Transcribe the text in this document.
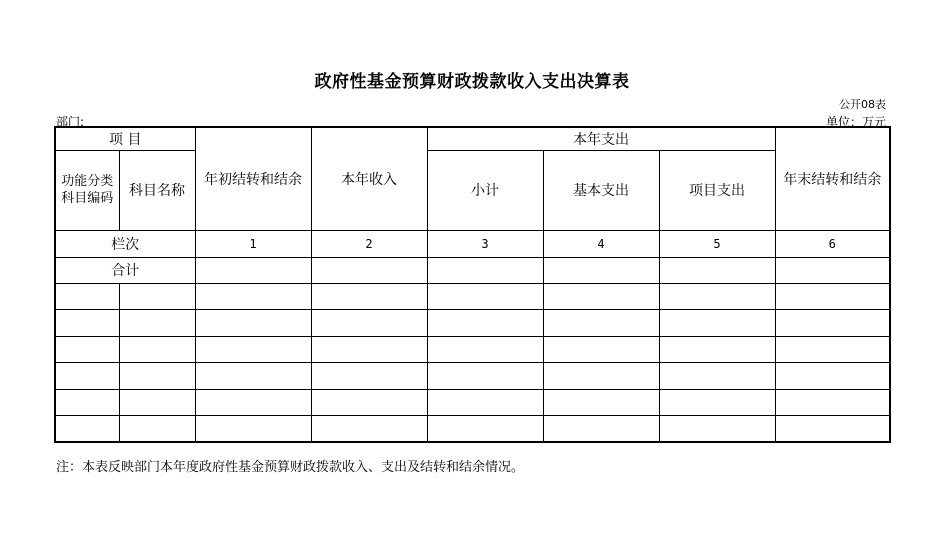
政府性基金预算财政拨款收入支出决算表
公开08表
部门:	单位：万元
项 目		年初结转和结余	本年收入	本年支出			年末结转和结余
功能分类科目编码	科目名称			小计	基本支出	项目支出	
栏次		1	2	3	4	5	6
合计							

注：本表反映部门本年度政府性基金预算财政拨款收入、支出及结转和结余情况。
